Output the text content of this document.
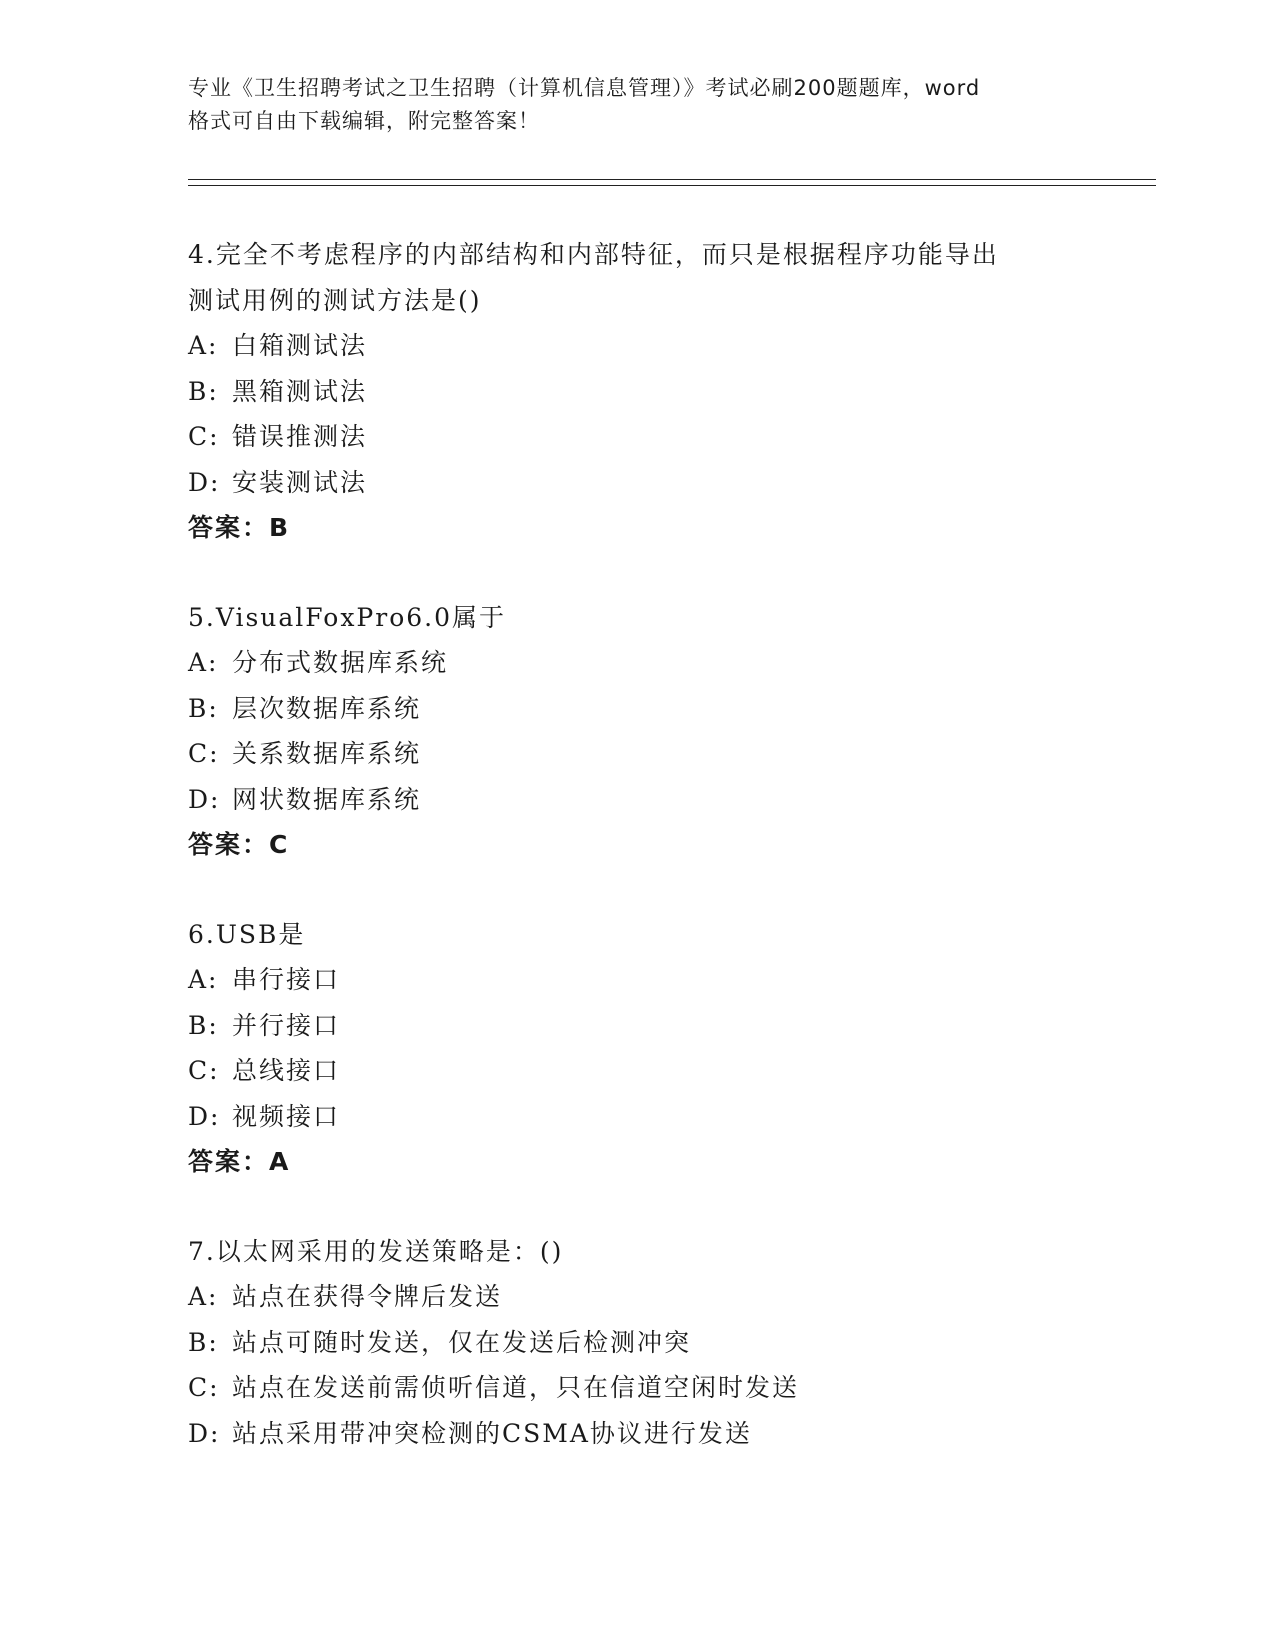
专业《卫生招聘考试之卫生招聘（计算机信息管理）》考试必刷200题题库，word
格式可自由下载编辑，附完整答案！
4.完全不考虑程序的内部结构和内部特征，而只是根据程序功能导出
测试用例的测试方法是()
A: 白箱测试法
B: 黑箱测试法
C: 错误推测法
D: 安装测试法
答案：B
5.VisualFoxPro6.0属于
A: 分布式数据库系统
B: 层次数据库系统
C: 关系数据库系统
D: 网状数据库系统
答案：C
6.USB是
A: 串行接口
B: 并行接口
C: 总线接口
D: 视频接口
答案：A
7.以太网采用的发送策略是：()
A: 站点在获得令牌后发送
B: 站点可随时发送，仅在发送后检测冲突
C: 站点在发送前需侦听信道，只在信道空闲时发送
D: 站点采用带冲突检测的CSMA协议进行发送
